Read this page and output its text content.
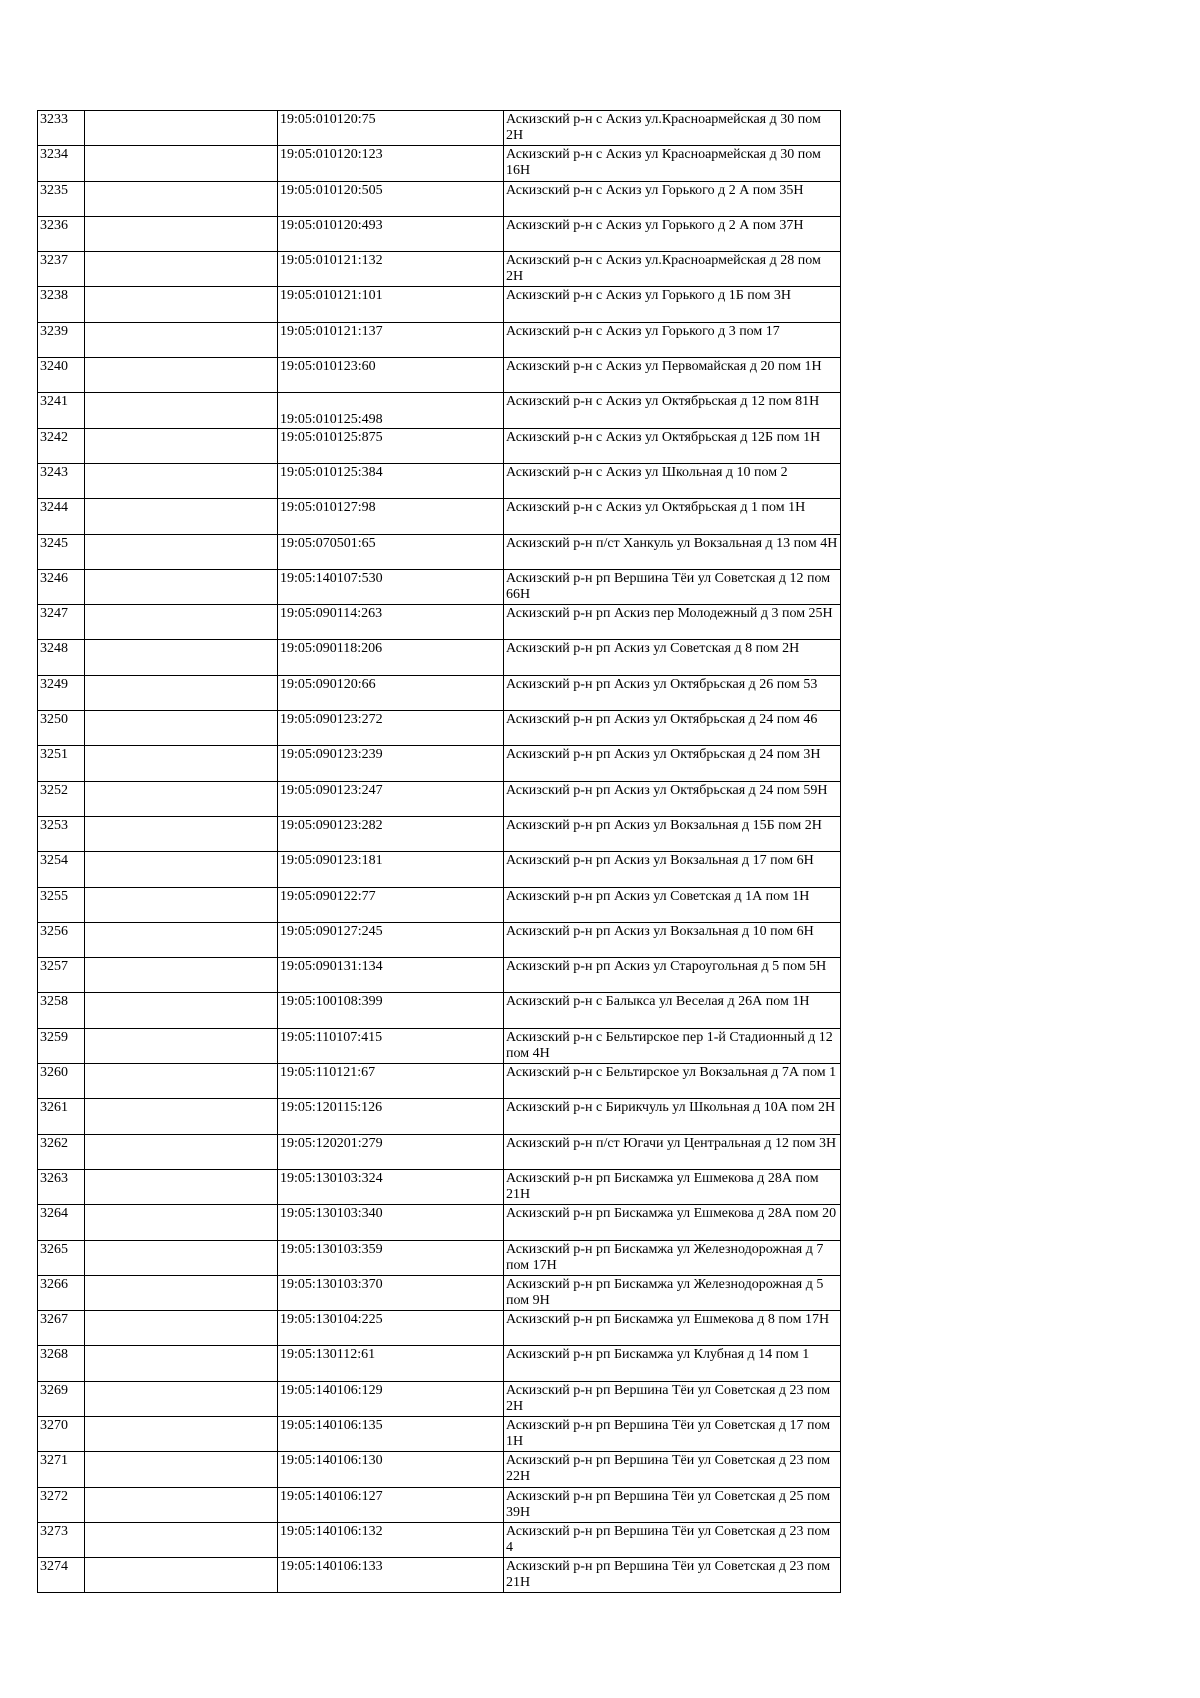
3233		19:05:010120:75	Аскизский р-н с Аскиз ул.Красноармейская д 30 пом 2Н
3234		19:05:010120:123	Аскизский р-н с Аскиз ул Красноармейская д 30 пом 16Н
3235		19:05:010120:505	Аскизский р-н с Аскиз ул Горького д 2 А пом 35Н
3236		19:05:010120:493	Аскизский р-н с Аскиз ул Горького д 2 А пом 37Н
3237		19:05:010121:132	Аскизский р-н с Аскиз ул.Красноармейская д 28 пом 2Н
3238		19:05:010121:101	Аскизский р-н с Аскиз ул Горького д 1Б пом 3Н
3239		19:05:010121:137	Аскизский р-н с Аскиз ул Горького д 3 пом 17
3240		19:05:010123:60	Аскизский р-н с Аскиз ул Первомайская д 20 пом 1Н
3241		19:05:010125:498	Аскизский р-н с Аскиз ул Октябрьская д 12 пом 81Н
3242		19:05:010125:875	Аскизский р-н с Аскиз ул Октябрьская д 12Б пом 1Н
3243		19:05:010125:384	Аскизский р-н с Аскиз ул Школьная д 10 пом 2
3244		19:05:010127:98	Аскизский р-н с Аскиз ул Октябрьская д 1 пом 1Н
3245		19:05:070501:65	Аскизский р-н п/ст Ханкуль ул Вокзальная д 13 пом 4Н
3246		19:05:140107:530	Аскизский р-н рп Вершина Тёи ул Советская д 12 пом 66Н
3247		19:05:090114:263	Аскизский р-н рп Аскиз пер Молодежный д 3 пом 25Н
3248		19:05:090118:206	Аскизский р-н рп Аскиз ул Советская д 8 пом 2Н
3249		19:05:090120:66	Аскизский р-н рп Аскиз ул Октябрьская д 26 пом 53
3250		19:05:090123:272	Аскизский р-н рп Аскиз ул Октябрьская д 24 пом 46
3251		19:05:090123:239	Аскизский р-н рп Аскиз ул Октябрьская д 24 пом 3Н
3252		19:05:090123:247	Аскизский р-н рп Аскиз ул Октябрьская д 24 пом 59Н
3253		19:05:090123:282	Аскизский р-н рп Аскиз ул Вокзальная д 15Б пом 2Н
3254		19:05:090123:181	Аскизский р-н рп Аскиз ул Вокзальная д 17 пом 6Н
3255		19:05:090122:77	Аскизский р-н рп Аскиз ул Советская д 1А пом 1Н
3256		19:05:090127:245	Аскизский р-н рп Аскиз ул Вокзальная д 10 пом 6Н
3257		19:05:090131:134	Аскизский р-н рп Аскиз ул Староугольная д 5 пом 5Н
3258		19:05:100108:399	Аскизский р-н с Балыкса ул Веселая д 26А пом 1Н
3259		19:05:110107:415	Аскизский р-н с Бельтирское пер 1-й Стадионный д 12 пом 4Н
3260		19:05:110121:67	Аскизский р-н с Бельтирское ул Вокзальная д 7А пом 1
3261		19:05:120115:126	Аскизский р-н с Бирикчуль ул Школьная д 10А пом 2Н
3262		19:05:120201:279	Аскизский р-н п/ст Югачи ул Центральная д 12 пом 3Н
3263		19:05:130103:324	Аскизский р-н рп Бискамжа ул Ешмекова д 28А пом 21Н
3264		19:05:130103:340	Аскизский р-н рп Бискамжа ул Ешмекова д 28А пом 20
3265		19:05:130103:359	Аскизский р-н рп Бискамжа ул Железнодорожная д 7 пом 17Н
3266		19:05:130103:370	Аскизский р-н рп Бискамжа ул Железнодорожная д 5 пом 9Н
3267		19:05:130104:225	Аскизский р-н рп Бискамжа ул Ешмекова д 8 пом 17Н
3268		19:05:130112:61	Аскизский р-н рп Бискамжа ул Клубная д 14 пом 1
3269		19:05:140106:129	Аскизский р-н рп Вершина Тёи ул Советская д 23 пом 2Н
3270		19:05:140106:135	Аскизский р-н рп Вершина Тёи ул Советская д 17 пом 1Н
3271		19:05:140106:130	Аскизский р-н рп Вершина Тёи ул Советская д 23 пом 22Н
3272		19:05:140106:127	Аскизский р-н рп Вершина Тёи ул Советская д 25 пом 39Н
3273		19:05:140106:132	Аскизский р-н рп Вершина Тёи ул Советская д 23 пом 4
3274		19:05:140106:133	Аскизский р-н рп Вершина Тёи ул Советская д 23 пом 21Н
